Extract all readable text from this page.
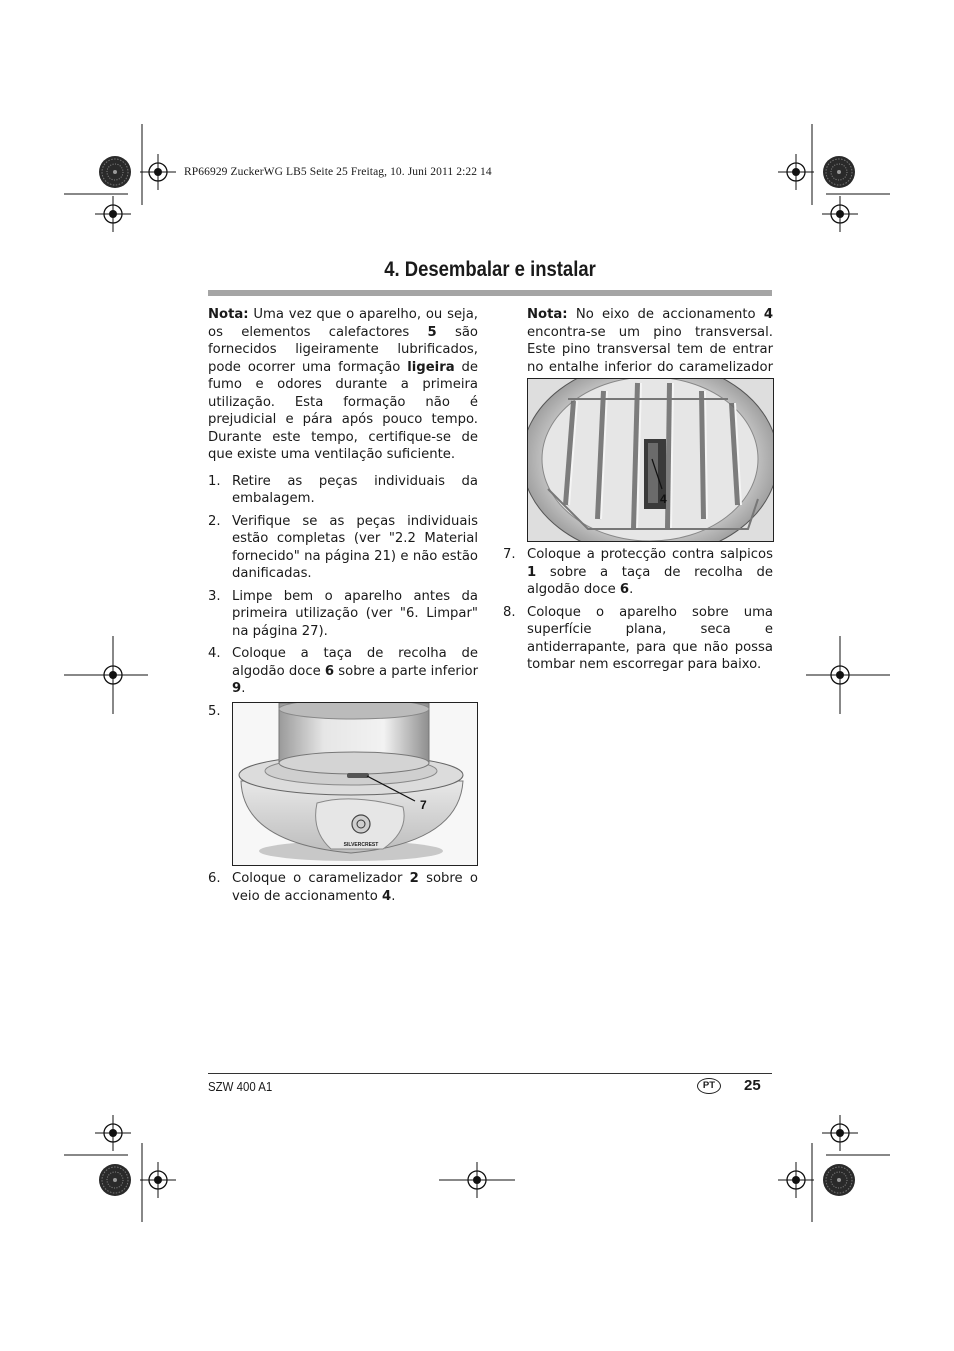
RP66929 ZuckerWG LB5 Seite 25 Freitag, 10. Juni 2011 2:22 14
4. Desembalar e instalar

Nota: Uma vez que o aparelho, ou seja, os elementos calefactores 5 são fornecidos ligeiramente lubrificados, pode ocorrer uma formação ligeira de fumo e odores durante a primeira utilização. Esta formação não é prejudicial e pára após pouco tempo. Durante este tempo, certifique-se de que existe uma ventilação suficiente.

1. Retire as peças individuais da embalagem.
2. Verifique se as peças individuais estão completas (ver "2.2 Material fornecido" na página 21) e não estão danificadas.
3. Limpe bem o aparelho antes da primeira utilização (ver "6. Limpar" na página 27).
4. Coloque a taça de recolha de algodão doce 6 sobre a parte inferior 9.
5.
7
SILVERCREST
6. Coloque o caramelizador 2 sobre o veio de accionamento 4.

Nota: No eixo de accionamento 4 encontra-se um pino transversal. Este pino transversal tem de entrar no entalhe inferior do caramelizador

4
7. Coloque a protecção contra salpicos 1 sobre a taça de recolha de algodão doce 6.
8. Coloque o aparelho sobre uma superfície plana, seca e antiderrapante, para que não possa tombar nem escorregar para baixo.
SZW 400 A1	PT	25
